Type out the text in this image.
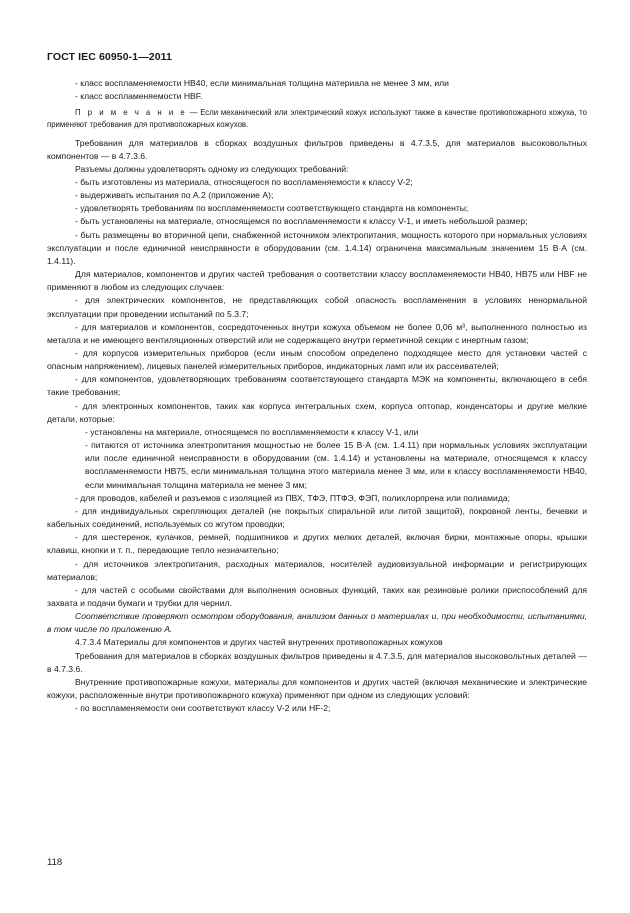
ГОСТ IEC 60950-1—2011

- класс воспламеняемости HB40, если минимальная толщина материала не менее 3 мм, или

- класс воспламеняемости HBF.

П р и м е ч а н и е — Если механический или электрический кожух используют также в качестве противопожарного кожуха, то применяют требования для противопожарных кожухов.

Требования для материалов в сборках воздушных фильтров приведены в 4.7.3.5, для материалов высоковольтных компонентов — в 4.7.3.6.

Разъемы должны удовлетворять одному из следующих требований:

- быть изготовлены из материала, относящегося по воспламеняемости к классу V-2;

- выдерживать испытания по А.2 (приложение А);

- удовлетворять требованиям по воспламеняемости соответствующего стандарта на компоненты;

- быть установлены на материале, относящемся по воспламеняемости к классу V-1, и иметь небольшой размер;

- быть размещены во вторичной цепи, снабженной источником электропитания, мощность которого при нормальных условиях эксплуатации и после единичной неисправности в оборудовании (см. 1.4.14) ограничена максимальным значением 15 В·А (см. 1.4.11).

Для материалов, компонентов и других частей требования о соответствии классу воспламеняемости HB40, HB75 или HBF не применяют в любом из следующих случаев:

- для электрических компонентов, не представляющих собой опасность воспламенения в условиях ненормальной эксплуатации при проведении испытаний по 5.3.7;

- для материалов и компонентов, сосредоточенных внутри кожуха объемом не более 0,06 м³, выполненного полностью из металла и не имеющего вентиляционных отверстий или не содержащего внутри герметичной секции с инертным газом;

- для корпусов измерительных приборов (если иным способом определено подходящее место для установки частей с опасным напряжением), лицевых панелей измерительных приборов, индикаторных ламп или их рассеивателей;

- для компонентов, удовлетворяющих требованиям соответствующего стандарта МЭК на компоненты, включающего в себя такие требования;

- для электронных компонентов, таких как корпуса интегральных схем, корпуса оптопар, конденсаторы и другие мелкие детали, которые:

- установлены на материале, относящемся по воспламеняемости к классу V-1, или

- питаются от источника электропитания мощностью не более 15 В·А (см. 1.4.11) при нормальных условиях эксплуатации или после единичной неисправности в оборудовании (см. 1.4.14) и установлены на материале, относящемся к классу воспламеняемости HB75, если минимальная толщина этого материала менее 3 мм, или к классу воспламеняемости HB40, если минимальная толщина материала не менее 3 мм;

- для проводов, кабелей и разъемов с изоляцией из ПВХ, ТФЭ, ПТФЭ, ФЭП, полихлорпрена или полиамида;

- для индивидуальных скрепляющих деталей (не покрытых спиральной или литой защитой), покровной ленты, бечевки и кабельных соединений, используемых со жгутом проводки;

- для шестеренок, кулачков, ремней, подшипников и других мелких деталей, включая бирки, монтажные опоры, крышки клавиш, кнопки и т. п., передающие тепло незначительно;

- для источников электропитания, расходных материалов, носителей аудиовизуальной информации и регистрирующих материалов;

- для частей с особыми свойствами для выполнения основных функций, таких как резиновые ролики приспособлений для захвата и подачи бумаги и трубки для чернил.

Соответствие проверяют осмотром оборудования, анализом данных о материалах и, при необходимости, испытаниями, в том числе по приложению А.

4.7.3.4 Материалы для компонентов и других частей внутренних противопожарных кожухов

Требования для материалов в сборках воздушных фильтров приведены в 4.7.3.5, для материалов высоковольтных деталей — в 4.7.3.6.

Внутренние противопожарные кожухи, материалы для компонентов и других частей (включая механические и электрические кожухи, расположенные внутри противопожарного кожуха) применяют при одном из следующих условий:

- по воспламеняемости они соответствуют классу V-2 или HF-2;

118
